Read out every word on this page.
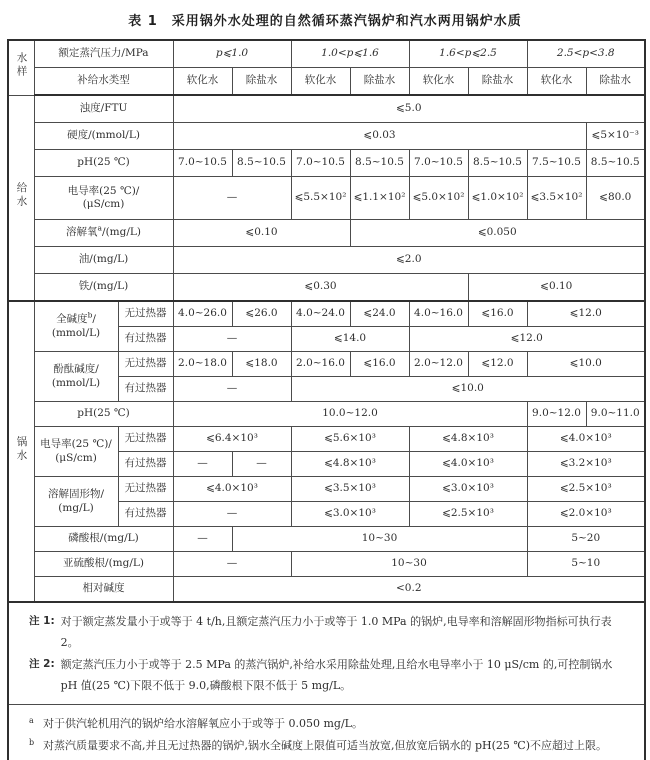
表 1　采用锅外水处理的自然循环蒸汽锅炉和汽水两用锅炉水质
水样	额定蒸汽压力/MPa		p⩽1.0		1.0<p⩽1.6		1.6<p⩽2.5		2.5<p<3.8	
	补给水类型		软化水	除盐水	软化水	除盐水	软化水	除盐水	软化水	除盐水
给水	浊度/FTU		⩽5.0							
	硬度/(mmol/L)		⩽0.03							⩽5×10⁻³
	pH(25 ℃)		7.0~10.5	8.5~10.5	7.0~10.5	8.5~10.5	7.0~10.5	8.5~10.5	7.5~10.5	8.5~10.5

	电导率(25 ℃)/
(μS/cm)		—		⩽5.5×10²	⩽1.1×10²	⩽5.0×10²	⩽1.0×10²	⩽3.5×10²	⩽80.0
	溶解氧$^a$/(mg/L)		⩽0.10			⩽0.050				
	油/(mg/L)		⩽2.0							
	铁/(mg/L)		⩽0.30					⩽0.10		
锅水	全碱度$^b$/
(mmol/L)	无过热器	4.0~26.0	⩽26.0	4.0~24.0	⩽24.0	4.0~16.0	⩽16.0	⩽12.0	
		有过热器	—		⩽14.0		⩽12.0			

	酚酞碱度/
(mmol/L)	无过热器	2.0~18.0	⩽18.0	2.0~16.0	⩽16.0	2.0~12.0	⩽12.0	⩽10.0	
		有过热器	—		⩽10.0					
	pH(25 ℃)		10.0~12.0						9.0~12.0	9.0~11.0

	电导率(25 ℃)/
(μS/cm)	无过热器	⩽6.4×10³		⩽5.6×10³		⩽4.8×10³		⩽4.0×10³	
		有过热器	—	—	⩽4.8×10³		⩽4.0×10³		⩽3.2×10³	

	溶解固形物/
(mg/L)	无过热器	⩽4.0×10³		⩽3.5×10³		⩽3.0×10³		⩽2.5×10³	
		有过热器	—		⩽3.0×10³		⩽2.5×10³		⩽2.0×10³	
	磷酸根/(mg/L)		—	10~30					5~20	
	亚硫酸根/(mg/L)		—		10~30				5~10	
	相对碱度		<0.2							

注 1: 对于额定蒸发量小于或等于 4 t/h,且额定蒸汽压力小于或等于 1.0 MPa 的锅炉,电导率和溶解固形物指标可执行表 2。
注 2: 额定蒸汽压力小于或等于 2.5 MPa 的蒸汽锅炉,补给水采用除盐处理,且给水电导率小于 10 μS/cm 的,可控制锅水 pH 值(25 ℃)下限不低于 9.0,磷酸根下限不低于 5 mg/L。										

a 对于供汽轮机用汽的锅炉给水溶解氧应小于或等于 0.050 mg/L。
b 对蒸汽质量要求不高,并且无过热器的锅炉,锅水全碱度上限值可适当放宽,但放宽后锅水的 pH(25 ℃)不应超过上限。										
